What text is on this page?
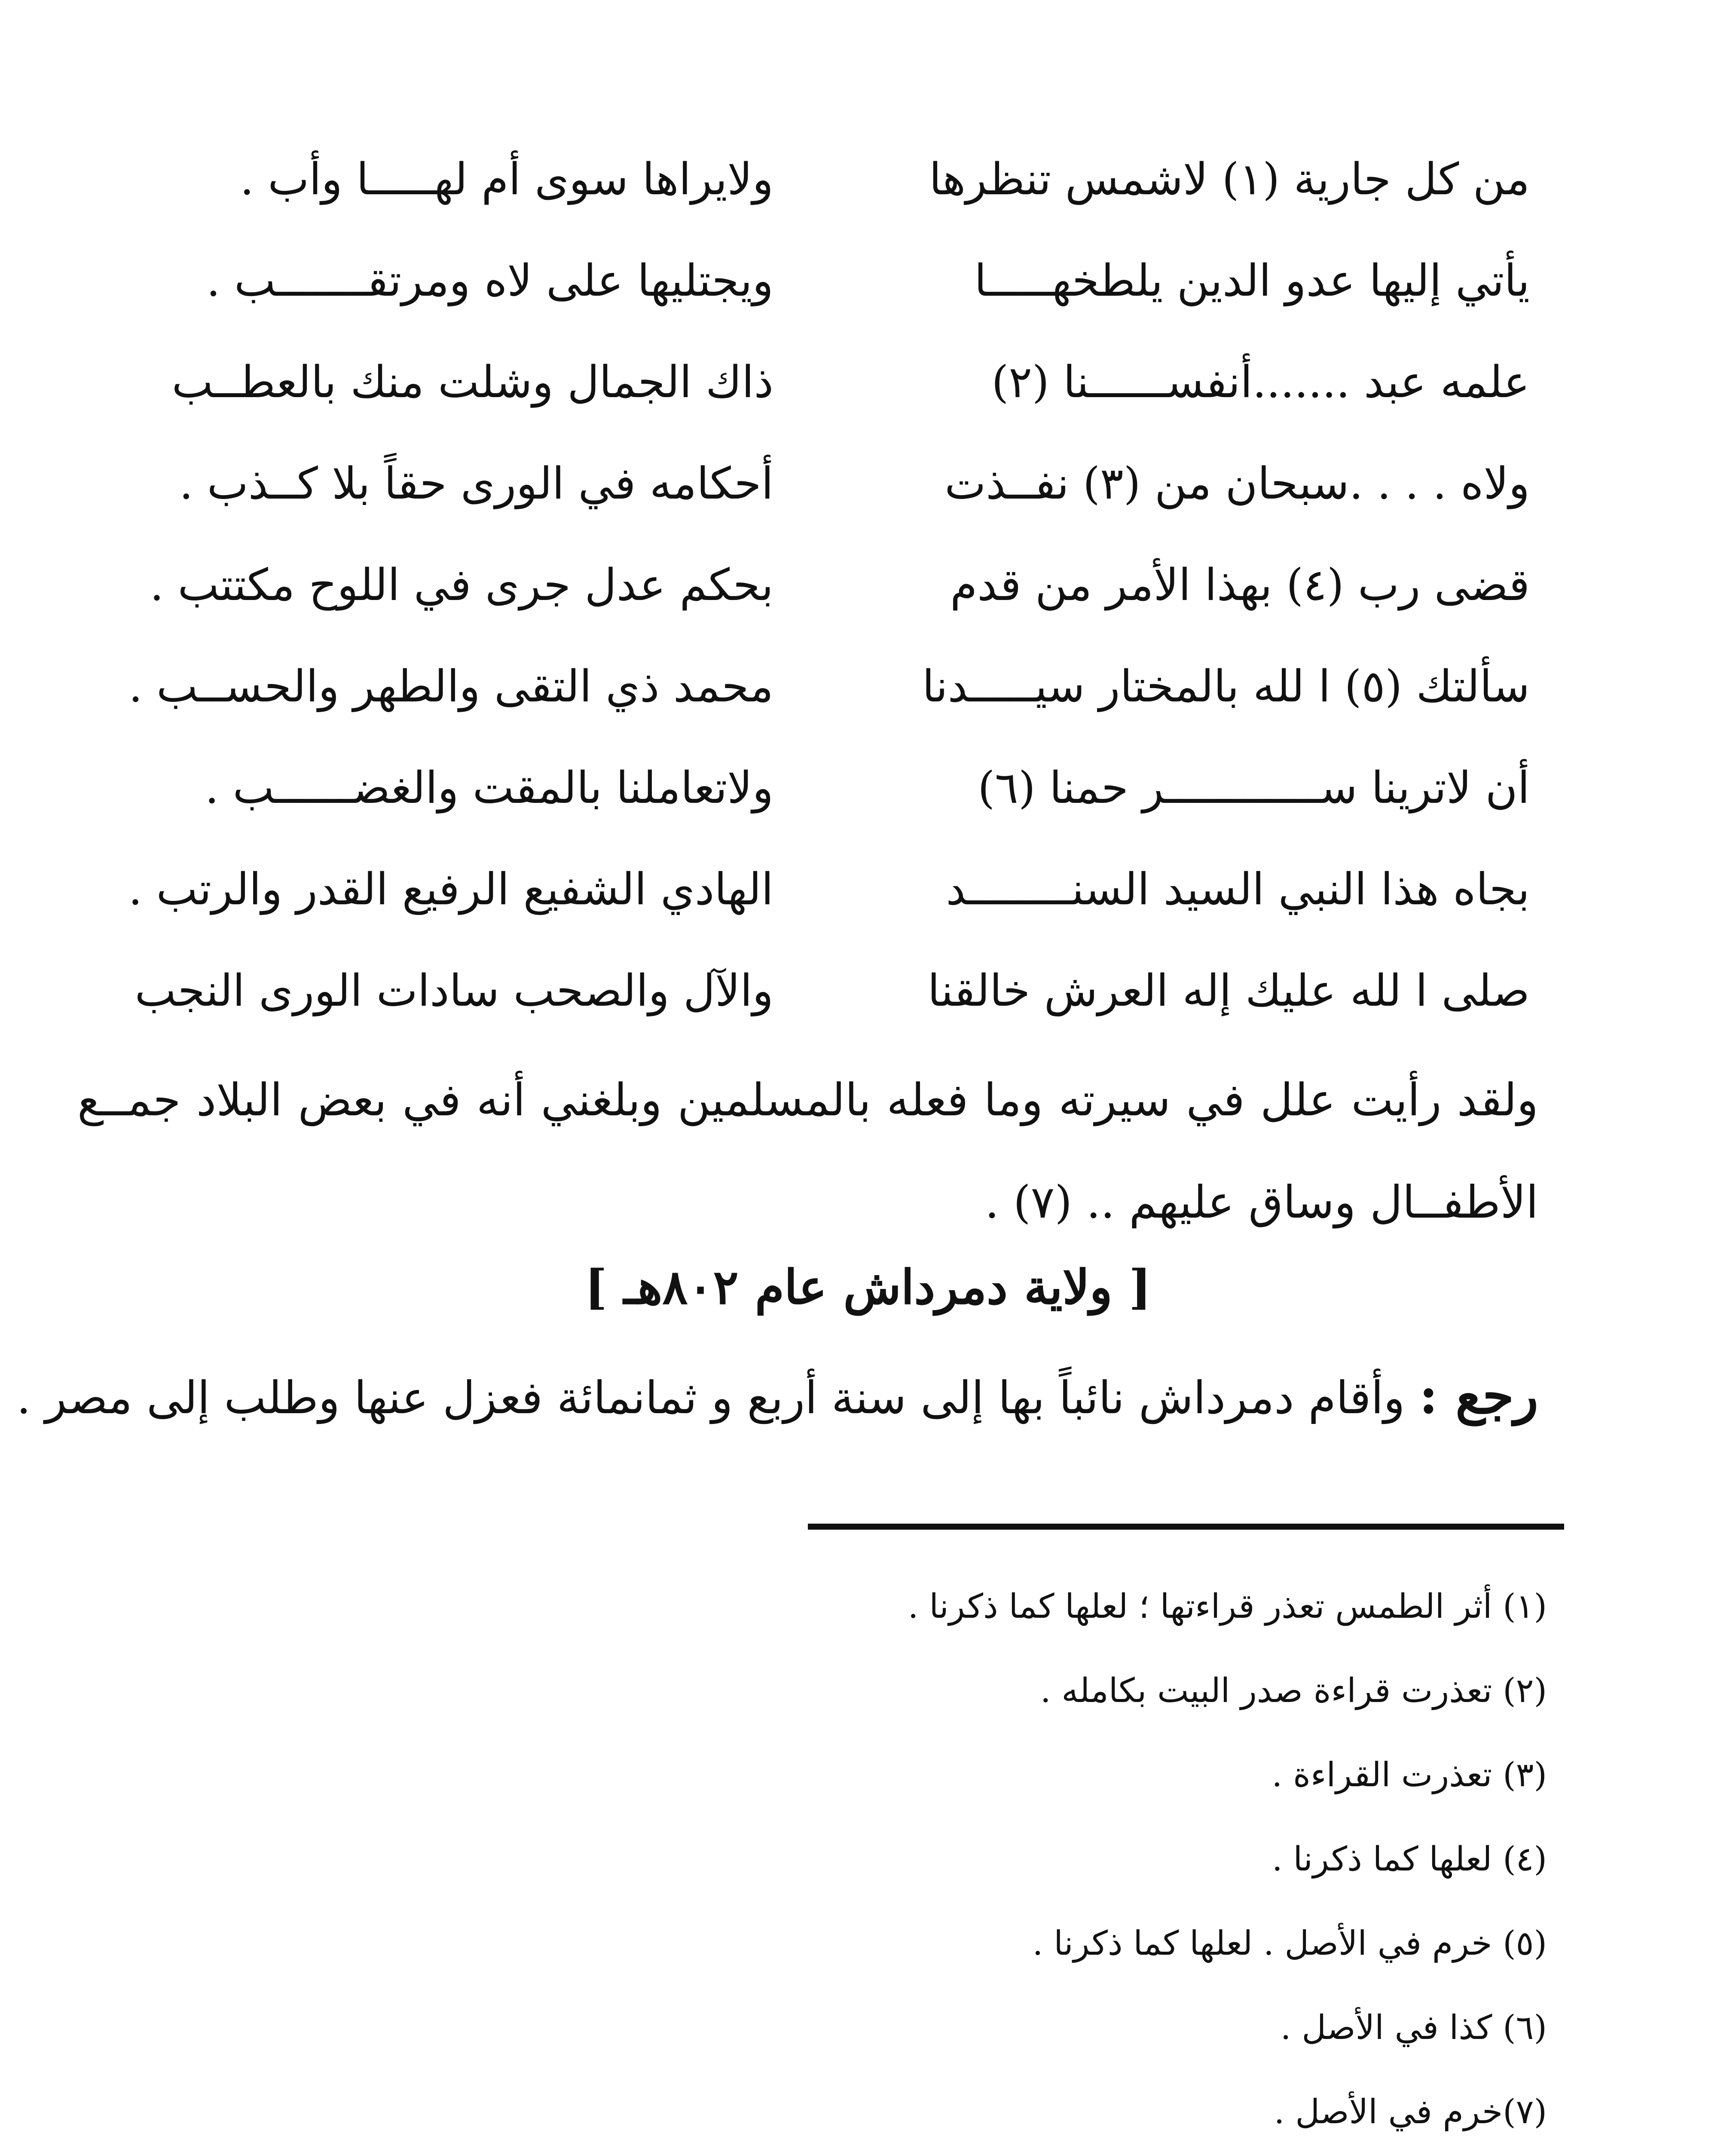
من كل جارية (١) لاشمس تنظرها
ولايراها سوى أم لهـــــا وأب .
يأتي إليها عدو الدين يلطخهـــــا
ويجتليها على لاه ومرتقـــــــب .
علمه عبد .......أنفســــــنا (٢)
ذاك الجمال وشلت منك بالعطــب
ولاه . . . .سبحان من (٣) نفــذت
أحكامه في الورى حقاً بلا كــذب .
قضى رب (٤) بهذا الأمر من قدم
بحكم عدل جرى في اللوح مكتتب .
سألتك (٥) ا لله بالمختار سيـــــدنا
محمد ذي التقى والطهر والحســب .
أن لاترينا ســــــــــــر حمنا (٦)
ولاتعاملنا بالمقت والغضــــــب .
بجاه هذا النبي السيد السنــــــــد
الهادي الشفيع الرفيع القدر والرتب .
صلى ا لله عليك إله العرش خالقنا
والآل والصحب سادات الورى النجب

ولقد رأيت علل في سيرته وما فعله بالمسلمين وبلغني أنه في بعض البلاد جمــع الأطفــال وساق عليهم .. (٧) .

[ ولاية دمرداش عام ٨٠٢هـ ]
رجع : وأقام دمرداش نائباً بها إلى سنة أربع و ثمانمائة فعزل عنها وطلب إلى مصر .
(١) أثر الطمس تعذر قراءتها ؛ لعلها كما ذكرنا .
(٢) تعذرت قراءة صدر البيت بكامله .
(٣) تعذرت القراءة .
(٤) لعلها كما ذكرنا .
(٥) خرم في الأصل . لعلها كما ذكرنا .
(٦) كذا في الأصل .
(٧)خرم في الأصل .
